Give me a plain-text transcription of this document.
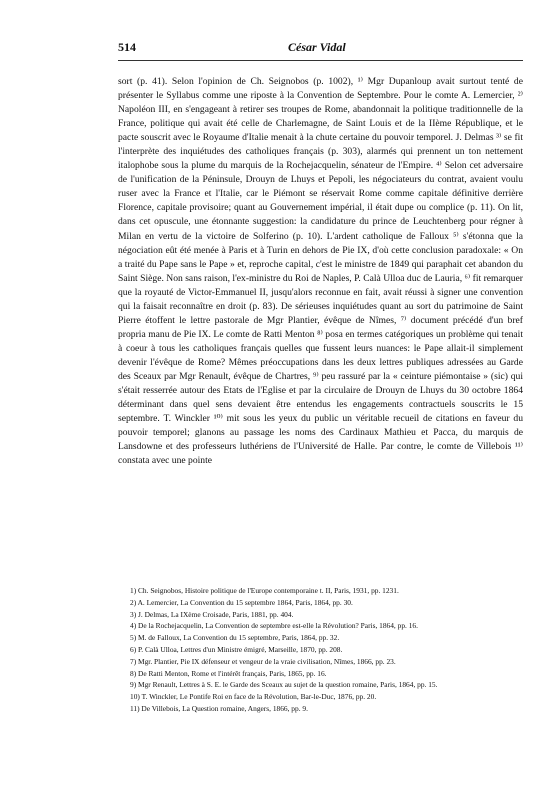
514	César Vidal

sort (p. 41). Selon l'opinion de Ch. Seignobos (p. 1002), ¹⁾ Mgr Dupanloup avait surtout tenté de présenter le Syllabus comme une riposte à la Convention de Septembre. Pour le comte A. Lemercier, ²⁾ Napoléon III, en s'engageant à retirer ses troupes de Rome, abandonnait la politique traditionnelle de la France, politique qui avait été celle de Charlemagne, de Saint Louis et de la IIème République, et le pacte souscrit avec le Royaume d'Italie menait à la chute certaine du pouvoir temporel. J. Delmas ³⁾ se fit l'interprète des inquiétudes des catholiques français (p. 303), alarmés qui prennent un ton nettement italophobe sous la plume du marquis de la Rochejacquelin, sénateur de l'Empire. ⁴⁾ Selon cet adversaire de l'unification de la Péninsule, Drouyn de Lhuys et Pepoli, les négociateurs du contrat, avaient voulu ruser avec la France et l'Italie, car le Piémont se réservait Rome comme capitale définitive derrière Florence, capitale provisoire; quant au Gouvernement impérial, il était dupe ou complice (p. 11). On lit, dans cet opuscule, une étonnante suggestion: la candidature du prince de Leuchtenberg pour régner à Milan en vertu de la victoire de Solferino (p. 10). L'ardent catholique de Falloux ⁵⁾ s'étonna que la négociation eût été menée à Paris et à Turin en dehors de Pie IX, d'où cette conclusion paradoxale: « On a traité du Pape sans le Pape » et, reproche capital, c'est le ministre de 1849 qui paraphait cet abandon du Saint Siège. Non sans raison, l'ex-ministre du Roi de Naples, P. Calà Ulloa duc de Lauria, ⁶⁾ fit remarquer que la royauté de Victor-Emmanuel II, jusqu'alors reconnue en fait, avait réussi à signer une convention qui la faisait reconnaître en droit (p. 83). De sérieuses inquiétudes quant au sort du patrimoine de Saint Pierre étoffent le lettre pastorale de Mgr Plantier, évêque de Nîmes, ⁷⁾ document précédé d'un bref propria manu de Pie IX. Le comte de Ratti Menton ⁸⁾ posa en termes catégoriques un problème qui tenait à coeur à tous les catholiques français quelles que fussent leurs nuances: le Pape allait-il simplement devenir l'évêque de Rome? Mêmes préoccupations dans les deux lettres publiques adressées au Garde des Sceaux par Mgr Renault, évêque de Chartres, ⁹⁾ peu rassuré par la « ceinture piémontaise » (sic) qui s'était resserrée autour des Etats de l'Eglise et par la circulaire de Drouyn de Lhuys du 30 octobre 1864 déterminant dans quel sens devaient être entendus les engagements contractuels souscrits le 15 septembre. T. Winckler ¹⁰⁾ mit sous les yeux du public un véritable recueil de citations en faveur du pouvoir temporel; glanons au passage les noms des Cardinaux Mathieu et Pacca, du marquis de Lansdowne et des professeurs luthériens de l'Université de Halle. Par contre, le comte de Villebois ¹¹⁾ constata avec une pointe

1) Ch. Seignobos, Histoire politique de l'Europe contemporaine t. II, Paris, 1931, pp. 1231.

2) A. Lemercier, La Convention du 15 septembre 1864, Paris, 1864, pp. 30.

3) J. Delmas, La IXème Croisade, Paris, 1881, pp. 404.

4) De la Rochejacquelin, La Convention de septembre est-elle la Révolution? Paris, 1864, pp. 16.

5) M. de Falloux, La Convention du 15 septembre, Paris, 1864, pp. 32.

6) P. Calà Ulloa, Lettres d'un Ministre émigré, Marseille, 1870, pp. 208.

7) Mgr. Plantier, Pie IX défenseur et vengeur de la vraie civilisation, Nîmes, 1866, pp. 23.

8) De Ratti Menton, Rome et l'intérêt français, Paris, 1865, pp. 16.

9) Mgr Renault, Lettres à S. E. le Garde des Sceaux au sujet de la question romaine, Paris, 1864, pp. 15.

10) T. Winckler, Le Pontife Roi en face de la Révolution, Bar-le-Duc, 1876, pp. 20.

11) De Villebois, La Question romaine, Angers, 1866, pp. 9.
